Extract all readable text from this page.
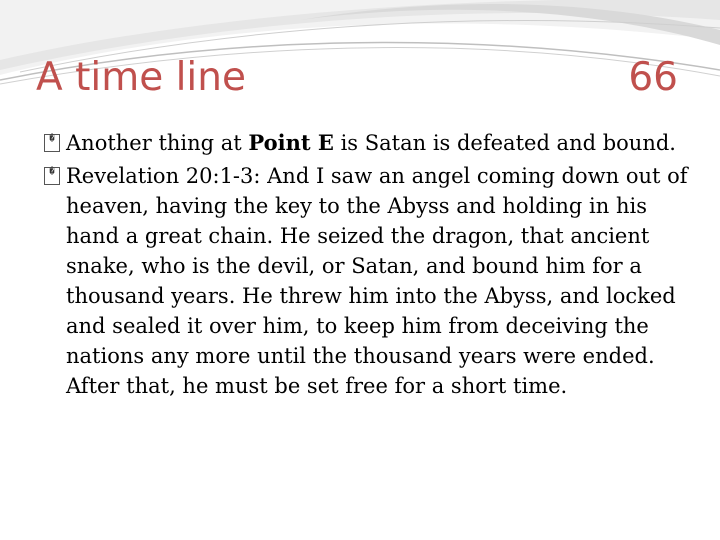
A time line	66

� Another thing at Point E is Satan is defeated and bound.

� Revelation 20:1-3: And I saw an angel coming down out of heaven, having the key to the Abyss and holding in his hand a great chain. He seized the dragon, that ancient snake, who is the devil, or Satan, and bound him for a thousand years. He threw him into the Abyss, and locked and sealed it over him, to keep him from deceiving the nations any more until the thousand years were ended. After that, he must be set free for a short time.
